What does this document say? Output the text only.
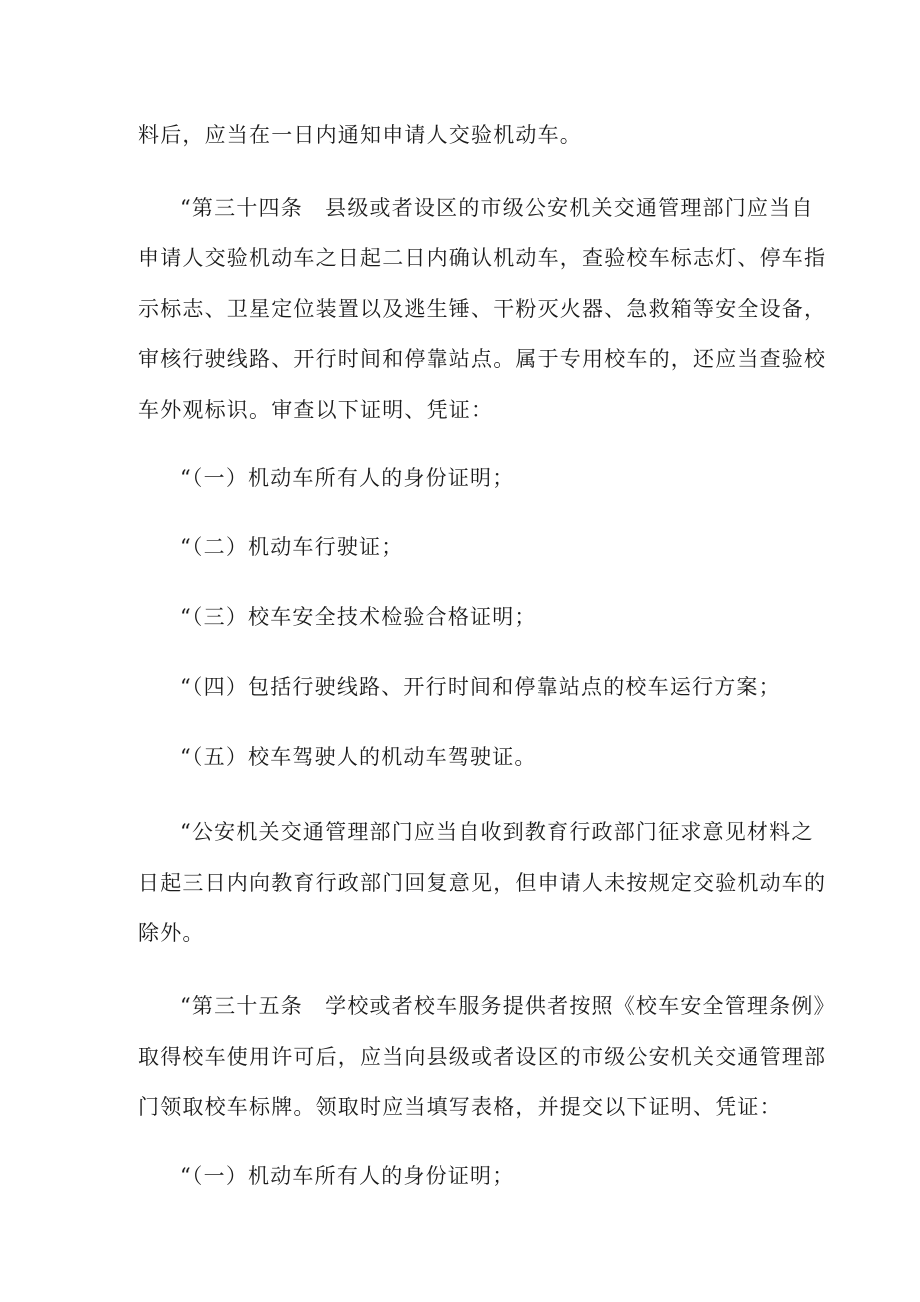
料后，应当在一日内通知申请人交验机动车。
“第三十四条　县级或者设区的市级公安机关交通管理部门应当自
申请人交验机动车之日起二日内确认机动车，查验校车标志灯、停车指
示标志、卫星定位装置以及逃生锤、干粉灭火器、急救箱等安全设备，
审核行驶线路、开行时间和停靠站点。属于专用校车的，还应当查验校
车外观标识。审查以下证明、凭证：
“（一）机动车所有人的身份证明；
“（二）机动车行驶证；
“（三）校车安全技术检验合格证明；
“（四）包括行驶线路、开行时间和停靠站点的校车运行方案；
“（五）校车驾驶人的机动车驾驶证。
“公安机关交通管理部门应当自收到教育行政部门征求意见材料之
日起三日内向教育行政部门回复意见，但申请人未按规定交验机动车的
除外。
“第三十五条　学校或者校车服务提供者按照《校车安全管理条例》
取得校车使用许可后，应当向县级或者设区的市级公安机关交通管理部
门领取校车标牌。领取时应当填写表格，并提交以下证明、凭证：
“（一）机动车所有人的身份证明；
